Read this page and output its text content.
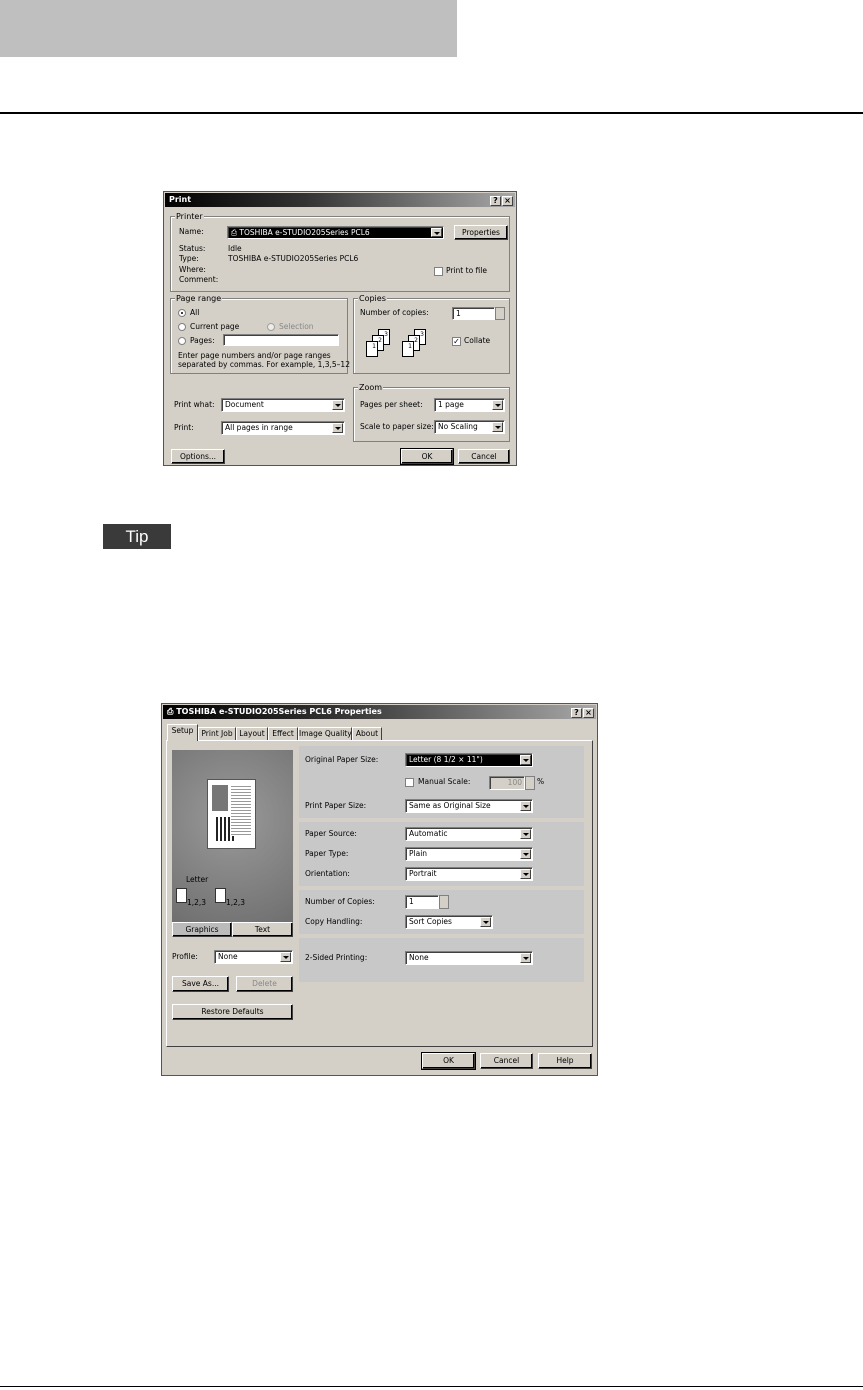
Print	? ×
Printer
Name:	⎙ TOSHIBA e-STUDIO205Series PCL6	Properties
Status:	Idle
Type:	TOSHIBA e-STUDIO205Series PCL6
Where:
Comment:
Print to file
Page range
All
Current page	Selection
Pages:
Enter page numbers and/or page ranges
separated by commas. For example, 1,3,5–12
Copies
Number of copies:	1
3
2
1
3
2
1
✓ Collate
Print what:	Document
Print:	All pages in range
Zoom
Pages per sheet:	1 page
Scale to paper size: No Scaling
Options...	OK	Cancel
Tip
⎙ TOSHIBA e-STUDIO205Series PCL6 Properties	? ×
Setup	Print Job Layout Effect Image Quality About
Letter
1,2,3	1,2,3
Graphics	Text
Profile:	None
Save As...	Delete
Restore Defaults
Original Paper Size:	Letter (8 1/2 × 11")
Manual Scale:	100	%
Print Paper Size:	Same as Original Size
Paper Source:	Automatic
Paper Type:	Plain
Orientation:	Portrait
Number of Copies:	1
Copy Handling:	Sort Copies
2-Sided Printing:	None
OK	Cancel	Help
